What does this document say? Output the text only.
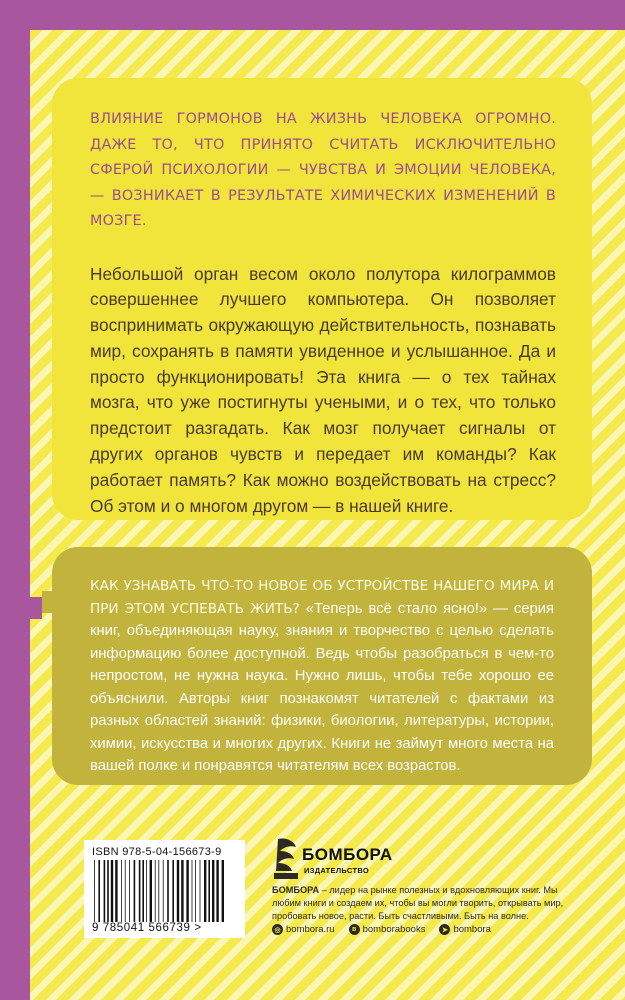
ВЛИЯНИЕ ГОРМОНОВ НА ЖИЗНЬ ЧЕЛОВЕКА ОГРОМНО. ДАЖЕ ТО, ЧТО ПРИНЯТО СЧИТАТЬ ИСКЛЮЧИТЕЛЬНО СФЕРОЙ ПСИХОЛОГИИ — ЧУВСТВА И ЭМОЦИИ ЧЕЛОВЕКА, — ВОЗНИКАЕТ В РЕЗУЛЬТАТЕ ХИМИЧЕСКИХ ИЗМЕНЕНИЙ В МОЗГЕ.

Небольшой орган весом около полутора килограммов совершеннее лучшего компьютера. Он позволяет воспринимать окружающую действительность, познавать мир, сохранять в памяти увиденное и услышанное. Да и просто функционировать! Эта книга — о тех тайнах мозга, что уже постигнуты учеными, и о тех, что только предстоит разгадать. Как мозг получает сигналы от других органов чувств и передает им команды? Как работает память? Как можно воздействовать на стресс? Об этом и о многом другом — в нашей книге.

КАК УЗНАВАТЬ ЧТО-ТО НОВОЕ ОБ УСТРОЙСТВЕ НАШЕГО МИРА И ПРИ ЭТОМ УСПЕВАТЬ ЖИТЬ? «Теперь всё стало ясно!» — серия книг, объединяющая науку, знания и творчество с целью сделать информацию более доступной. Ведь чтобы разобраться в чем-то непростом, не нужна наука. Нужно лишь, чтобы тебе хорошо ее объяснили. Авторы книг познакомят читателей с фактами из разных областей знаний: физики, биологии, литературы, истории, химии, искусства и многих других. Книги не займут много места на вашей полке и понравятся читателям всех возрастов.

ISBN 978-5-04-156673-9
9 785041 566739 >
БОМБОРА
ИЗДАТЕЛЬСТВО

БОМБОРА – лидер на рынке полезных и вдохновляющих книг. Мы любим книги и создаем их, чтобы вы могли творить, открывать мир, пробовать новое, расти. Быть счастливыми. Быть на волне.

◎ bombora.ru	в bomborabooks	➤ bombora
